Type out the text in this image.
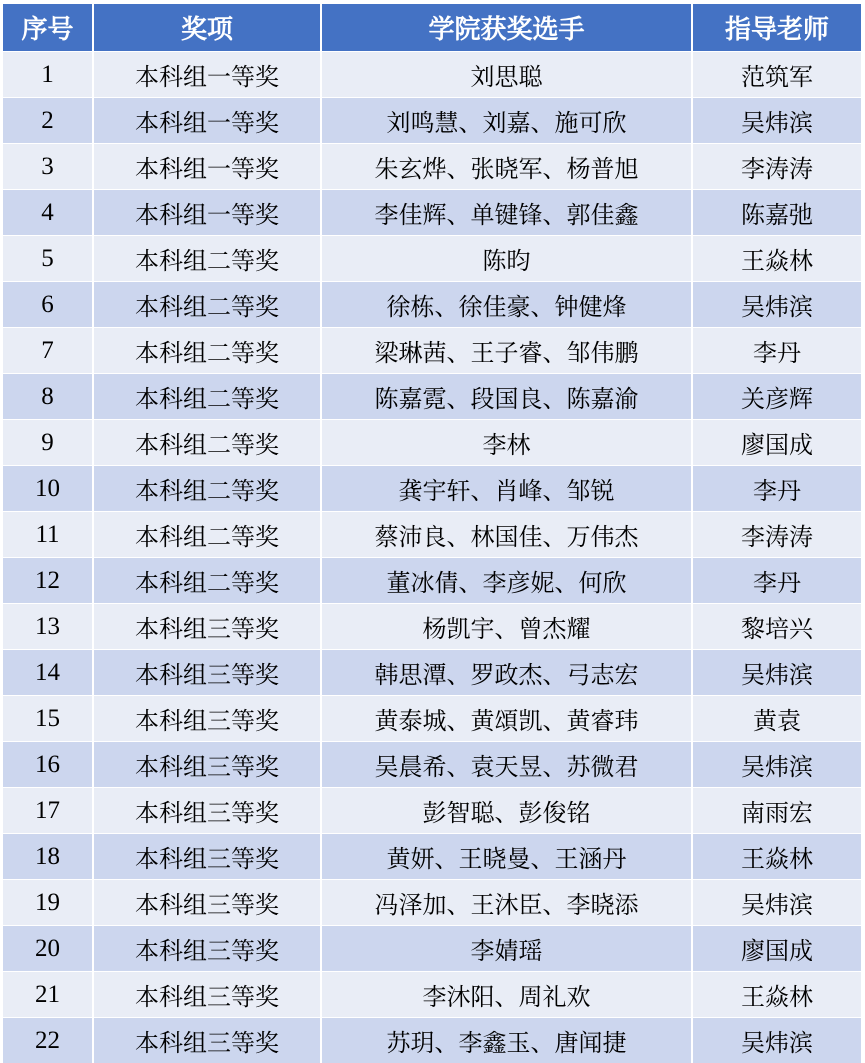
序号	奖项	学院获奖选手	指导老师
1	本科组一等奖	刘思聪	范筑军
2	本科组一等奖	刘鸣慧、刘嘉、施可欣	吴炜滨
3	本科组一等奖	朱玄烨、张晓军、杨普旭	李涛涛
4	本科组一等奖	李佳辉、单键锋、郭佳鑫	陈嘉弛
5	本科组二等奖	陈昀	王焱林
6	本科组二等奖	徐栋、徐佳豪、钟健烽	吴炜滨
7	本科组二等奖	梁琳茜、王子睿、邹伟鹏	李丹
8	本科组二等奖	陈嘉霓、段国良、陈嘉渝	关彦辉
9	本科组二等奖	李林	廖国成
10	本科组二等奖	龚宇轩、肖峰、邹锐	李丹
11	本科组二等奖	蔡沛良、林国佳、万伟杰	李涛涛
12	本科组二等奖	董冰倩、李彦妮、何欣	李丹
13	本科组三等奖	杨凯宇、曾杰耀	黎培兴
14	本科组三等奖	韩思潭、罗政杰、弓志宏	吴炜滨
15	本科组三等奖	黄泰城、黄頌凯、黄睿玮	黄袁
16	本科组三等奖	吴晨希、袁天昱、苏微君	吴炜滨
17	本科组三等奖	彭智聪、彭俊铭	南雨宏
18	本科组三等奖	黄妍、王晓曼、王涵丹	王焱林
19	本科组三等奖	冯泽加、王沐臣、李晓添	吴炜滨
20	本科组三等奖	李婧瑶	廖国成
21	本科组三等奖	李沐阳、周礼欢	王焱林
22	本科组三等奖	苏玥、李鑫玉、唐闻捷	吴炜滨
